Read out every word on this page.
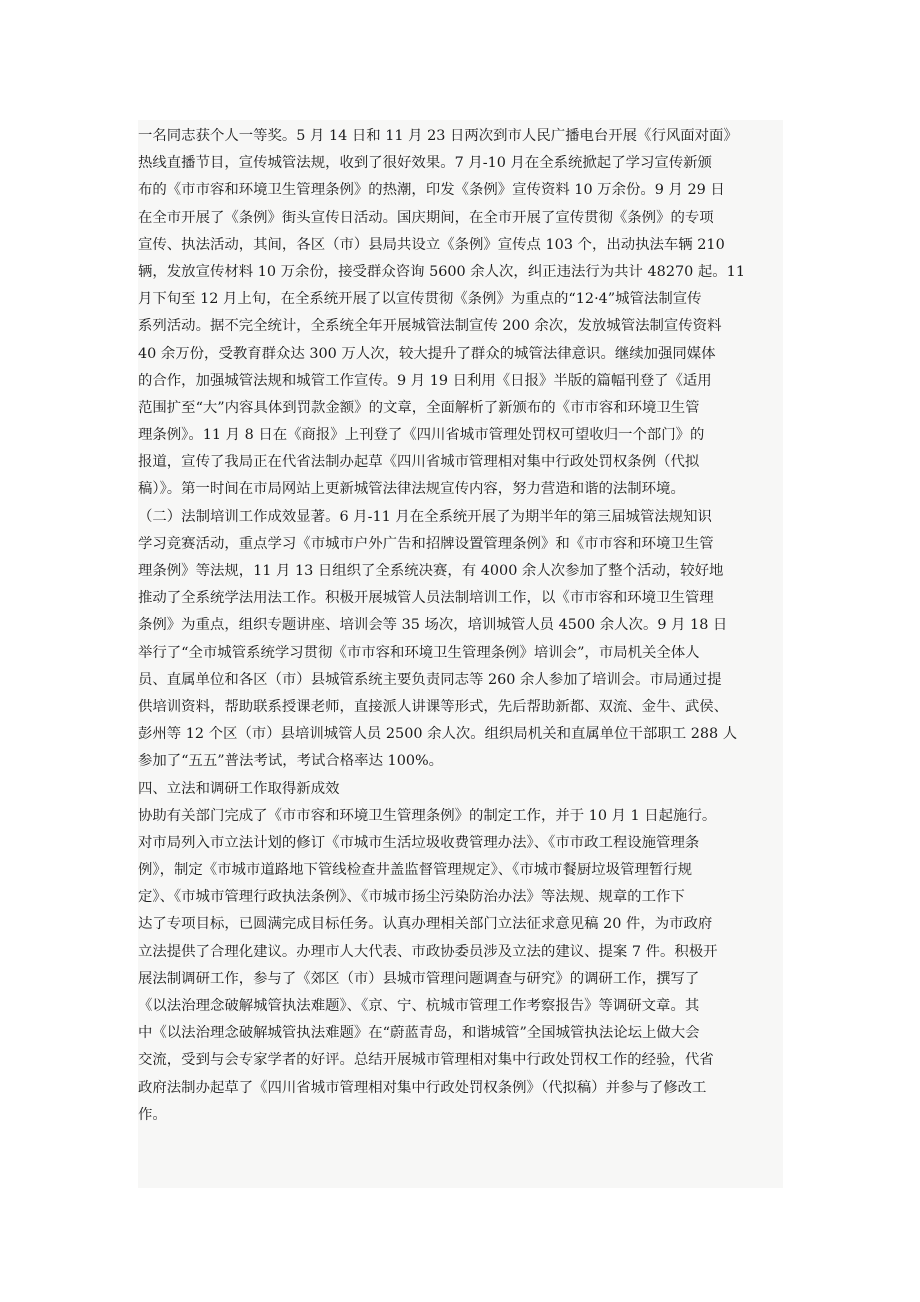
一名同志获个人一等奖。5 月 14 日和 11 月 23 日两次到市人民广播电台开展《行风面对面》
热线直播节目，宣传城管法规，收到了很好效果。7 月-10 月在全系统掀起了学习宣传新颁
布的《市市容和环境卫生管理条例》的热潮，印发《条例》宣传资料 10 万余份。9 月 29 日
在全市开展了《条例》街头宣传日活动。国庆期间，在全市开展了宣传贯彻《条例》的专项
宣传、执法活动，其间，各区（市）县局共设立《条例》宣传点 103 个，出动执法车辆 210
辆，发放宣传材料 10 万余份，接受群众咨询 5600 余人次，纠正违法行为共计 48270 起。11
月下旬至 12 月上旬，在全系统开展了以宣传贯彻《条例》为重点的“12·4”城管法制宣传
系列活动。据不完全统计，全系统全年开展城管法制宣传 200 余次，发放城管法制宣传资料
40 余万份，受教育群众达 300 万人次，较大提升了群众的城管法律意识。继续加强同媒体
的合作，加强城管法规和城管工作宣传。9 月 19 日利用《日报》半版的篇幅刊登了《适用
范围扩至“大”内容具体到罚款金额》的文章，全面解析了新颁布的《市市容和环境卫生管
理条例》。11 月 8 日在《商报》上刊登了《四川省城市管理处罚权可望收归一个部门》的
报道，宣传了我局正在代省法制办起草《四川省城市管理相对集中行政处罚权条例（代拟
稿）》。第一时间在市局网站上更新城管法律法规宣传内容，努力营造和谐的法制环境。
（二）法制培训工作成效显著。6 月-11 月在全系统开展了为期半年的第三届城管法规知识
学习竞赛活动，重点学习《市城市户外广告和招牌设置管理条例》和《市市容和环境卫生管
理条例》等法规，11 月 13 日组织了全系统决赛，有 4000 余人次参加了整个活动，较好地
推动了全系统学法用法工作。积极开展城管人员法制培训工作，以《市市容和环境卫生管理
条例》为重点，组织专题讲座、培训会等 35 场次，培训城管人员 4500 余人次。9 月 18 日
举行了“全市城管系统学习贯彻《市市容和环境卫生管理条例》培训会”，市局机关全体人
员、直属单位和各区（市）县城管系统主要负责同志等 260 余人参加了培训会。市局通过提
供培训资料，帮助联系授课老师，直接派人讲课等形式，先后帮助新都、双流、金牛、武侯、
彭州等 12 个区（市）县培训城管人员 2500 余人次。组织局机关和直属单位干部职工 288 人
参加了“五五”普法考试，考试合格率达 100%。
四、立法和调研工作取得新成效
协助有关部门完成了《市市容和环境卫生管理条例》的制定工作，并于 10 月 1 日起施行。
对市局列入市立法计划的修订《市城市生活垃圾收费管理办法》、《市市政工程设施管理条
例》，制定《市城市道路地下管线检查井盖监督管理规定》、《市城市餐厨垃圾管理暂行规
定》、《市城市管理行政执法条例》、《市城市扬尘污染防治办法》等法规、规章的工作下
达了专项目标，已圆满完成目标任务。认真办理相关部门立法征求意见稿 20 件，为市政府
立法提供了合理化建议。办理市人大代表、市政协委员涉及立法的建议、提案 7 件。积极开
展法制调研工作，参与了《郊区（市）县城市管理问题调查与研究》的调研工作，撰写了
《以法治理念破解城管执法难题》、《京、宁、杭城市管理工作考察报告》等调研文章。其
中《以法治理念破解城管执法难题》在“蔚蓝青岛，和谐城管”全国城管执法论坛上做大会
交流，受到与会专家学者的好评。总结开展城市管理相对集中行政处罚权工作的经验，代省
政府法制办起草了《四川省城市管理相对集中行政处罚权条例》（代拟稿）并参与了修改工
作。
